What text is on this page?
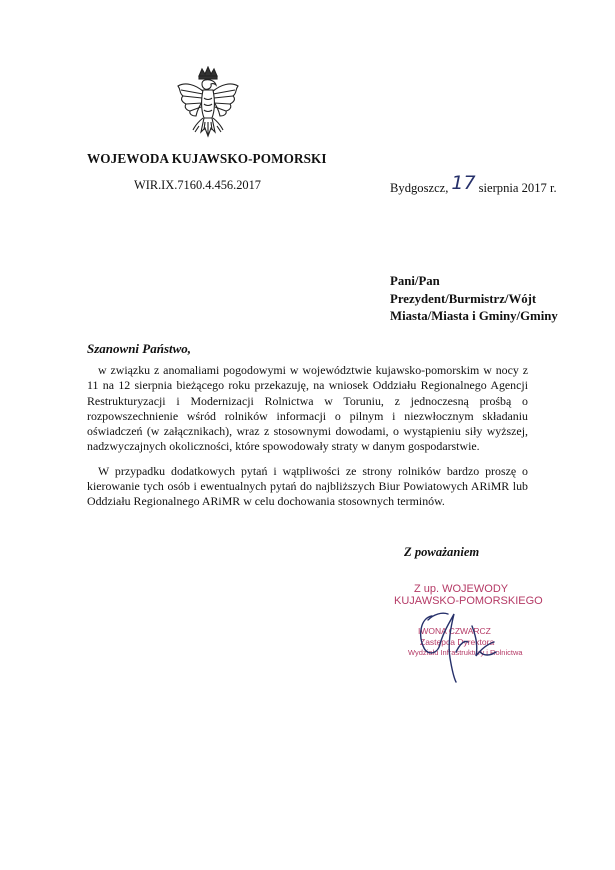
WOJEWODA KUJAWSKO-POMORSKI
WIR.IX.7160.4.456.2017	Bydgoszcz, 17 sierpnia 2017 r.
Pani/Pan
Prezydent/Burmistrz/Wójt
Miasta/Miasta i Gminy/Gminy
Szanowni Państwo,

w związku z anomaliami pogodowymi w województwie kujawsko-pomorskim w nocy z 11 na 12 sierpnia bieżącego roku przekazuję, na wniosek Oddziału Regionalnego Agencji Restrukturyzacji i Modernizacji Rolnictwa w Toruniu, z jednoczesną prośbą o rozpowszechnienie wśród rolników informacji o pilnym i niezwłocznym składaniu oświadczeń (w załącznikach), wraz z stosownymi dowodami, o wystąpieniu siły wyższej, nadzwyczajnych okoliczności, które spowodowały straty w danym gospodarstwie.

W przypadku dodatkowych pytań i wątpliwości ze strony rolników bardzo proszę o kierowanie tych osób i ewentualnych pytań do najbliższych Biur Powiatowych ARiMR lub Oddziału Regionalnego ARiMR w celu dochowania stosownych terminów.

Z poważaniem
Z up. WOJEWODY
KUJAWSKO-POMORSKIEGO
IWONA CZWARCZ
Zastępca Dyrektora
Wydziału Infrastruktury i Rolnictwa
